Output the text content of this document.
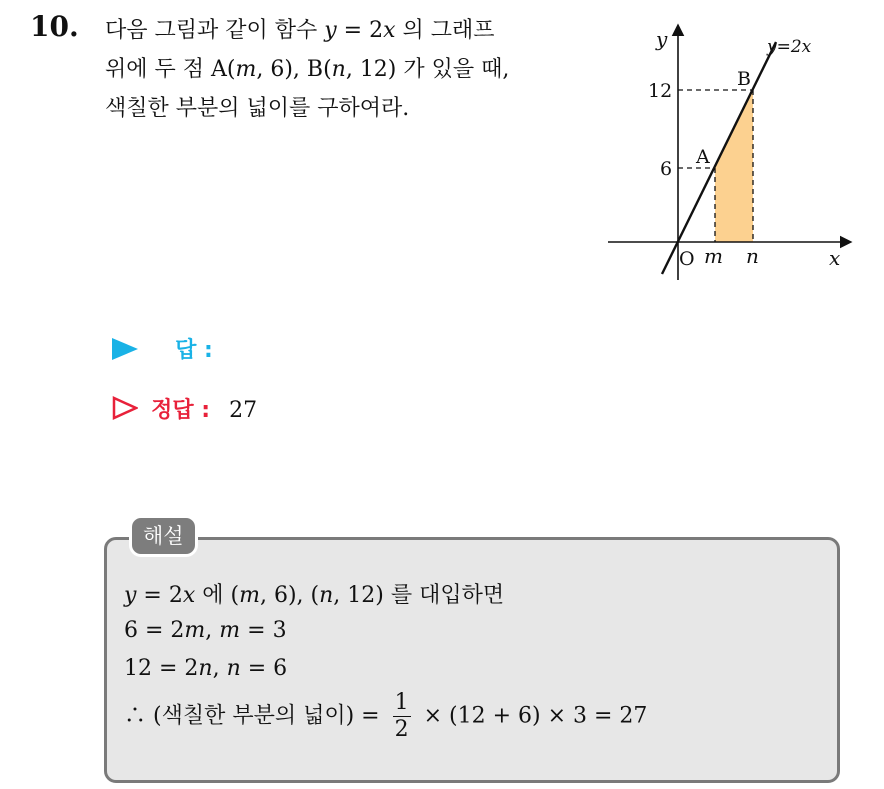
10. 다음 그림과 같이 함수 y = 2x 의 그래프
위에 두 점 A(m, 6), B(n, 12) 가 있을 때,
색칠한 부분의 넓이를 구하여라.
y	y=2x
12
6
A
B
O m n	x
답 :
정답 : 27
해설
y = 2x 에 (m, 6), (n, 12) 를 대입하면
6 = 2m, m = 3
12 = 2n, n = 6
∴ (색칠한 부분의 넓이) = $\frac{1}{2} \times (12 + 6) \times 3 = 27$
